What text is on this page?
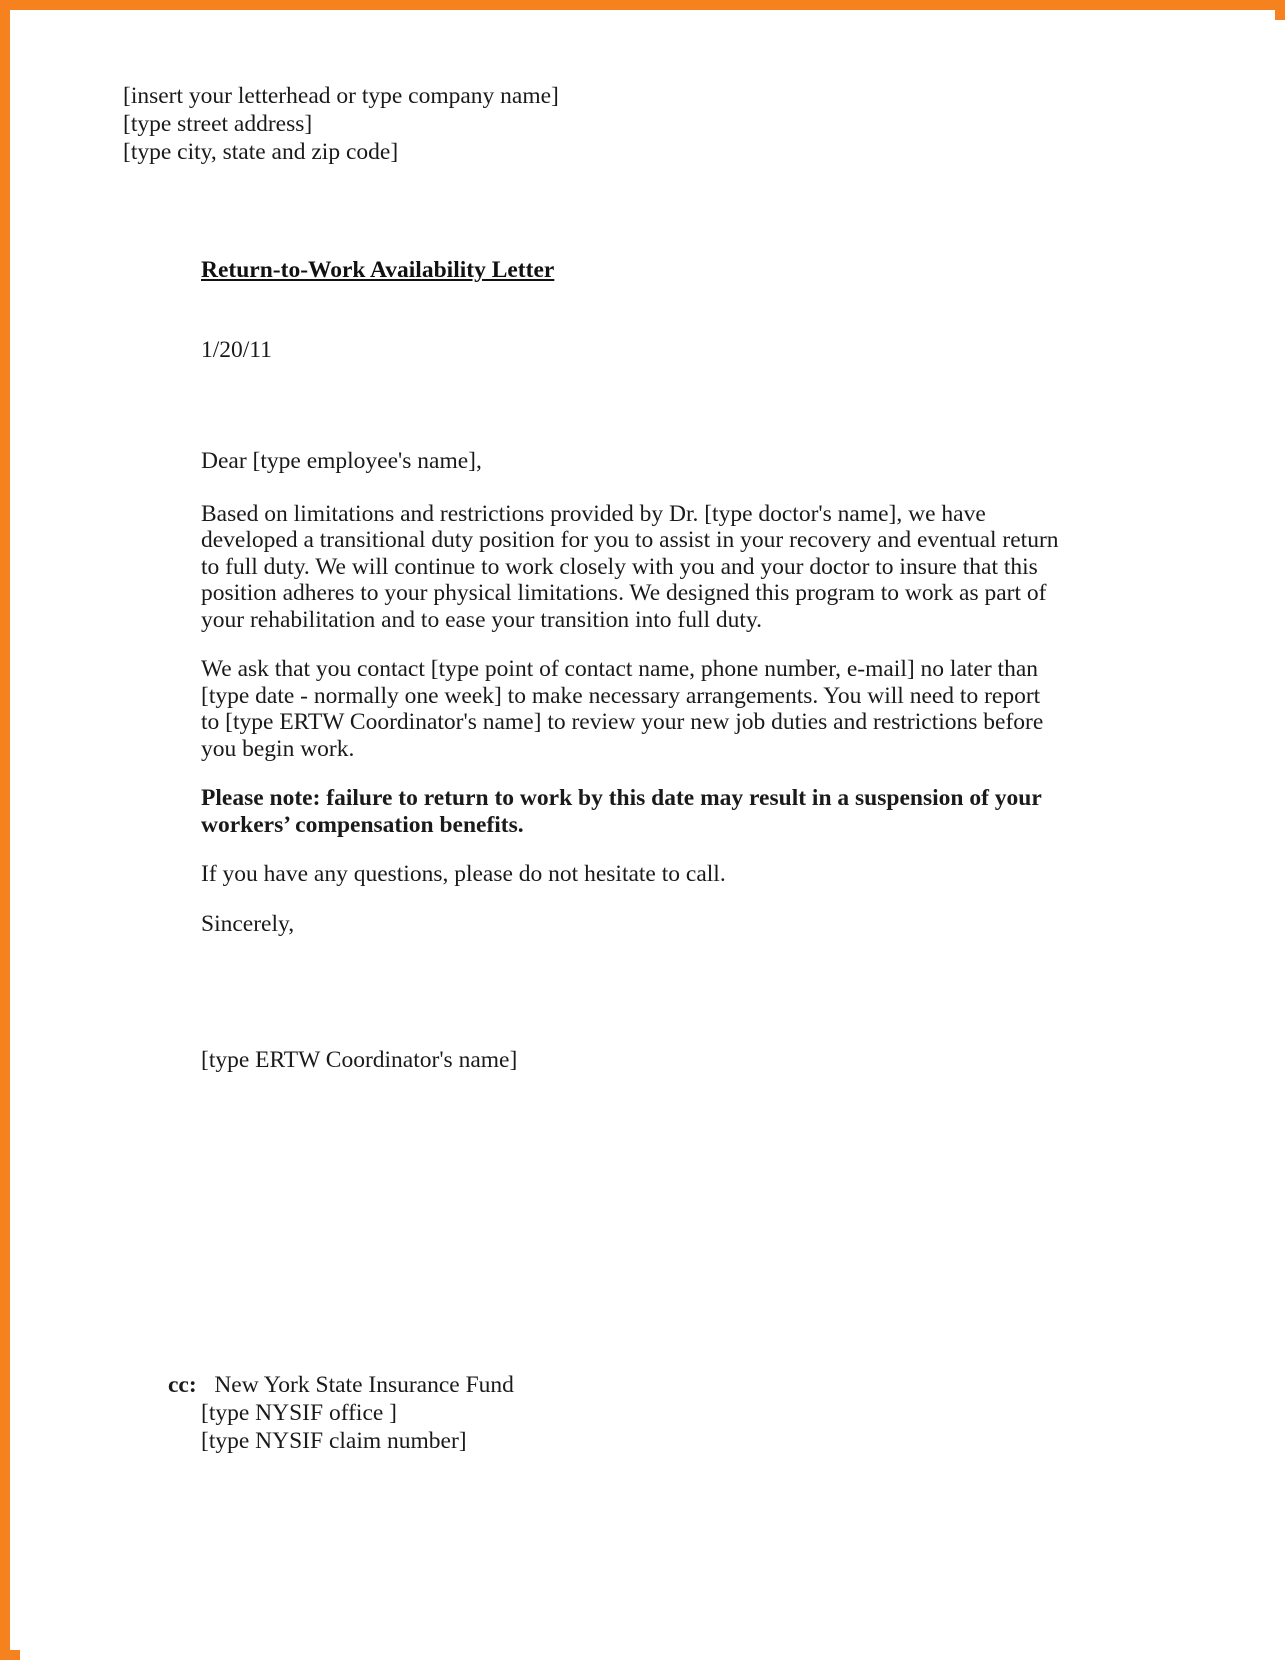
[insert your letterhead or type company name]
[type street address]
[type city, state and zip code]
Return-to-Work Availability Letter
1/20/11

Dear [type employee's name],

Based on limitations and restrictions provided by Dr. [type doctor's name], we have developed a transitional duty position for you to assist in your recovery and eventual return to full duty. We will continue to work closely with you and your doctor to insure that this position adheres to your physical limitations. We designed this program to work as part of your rehabilitation and to ease your transition into full duty.

We ask that you contact [type point of contact name, phone number, e-mail] no later than [type date - normally one week] to make necessary arrangements. You will need to report to [type ERTW Coordinator's name] to review your new job duties and restrictions before you begin work.

Please note: failure to return to work by this date may result in a suspension of your workers’ compensation benefits.

If you have any questions, please do not hesitate to call.

Sincerely,

[type ERTW Coordinator's name]
cc:   New York State Insurance Fund
[type NYSIF office ]
[type NYSIF claim number]
